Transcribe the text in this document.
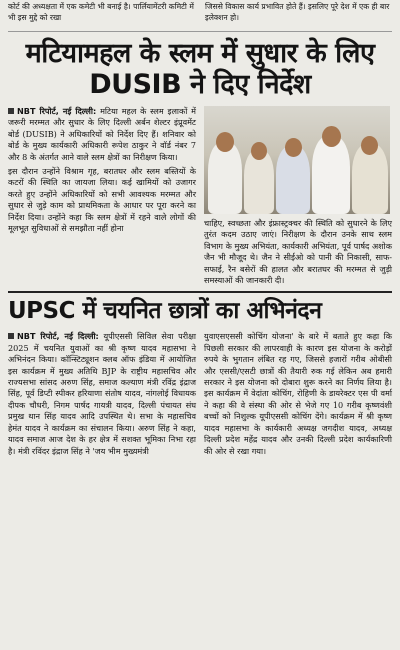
कोर्ट की अध्यक्षता में एक कमेटी भी बनाई है। पार्लियामेंटरी कमिटी में भी इस मुद्दे को रखा
जिससे विकास कार्य प्रभावित होते हैं। इसलिए पूरे देश में एक ही बार इलेक्शन हो।
मटियामहल के स्लम में सुधार के लिए DUSIB ने दिए निर्देश

NBT रिपोर्ट, नई दिल्ली: मटिया महल के स्लम इलाकों में जरूरी मरम्मत और सुधार के लिए दिल्ली अर्बन शेल्टर इंप्रूवमेंट बोर्ड (DUSIB) ने अधिकारियों को निर्देश दिए हैं। शनिवार को बोर्ड के मुख्य कार्यकारी अधिकारी रूपेश ठाकुर ने वॉर्ड नंबर 7 और 8 के अंतर्गत आने वाले स्लम क्षेत्रों का निरीक्षण किया।

इस दौरान उन्होंने विश्राम गृह, बरातघर और स्लम बस्तियों के कटरों की स्थिति का जायजा लिया। कई खामियों को उजागर करते हुए उन्होंने अधिकारियों को सभी आवश्यक मरम्मत और सुधार से जुड़े काम को प्राथमिकता के आधार पर पूरा करने का निर्देश दिया। उन्होंने कहा कि स्लम क्षेत्रों में रहने वाले लोगों की मूलभूत सुविधाओं से समझौता नहीं होना

चाहिए, स्वच्छता और इंफ्रास्ट्रक्चर की स्थिति को सुधारने के लिए तुरंत कदम उठाए जाएं। निरीक्षण के दौरान उनके साथ स्लम विभाग के मुख्य अभियंता, कार्यकारी अभियंता, पूर्व पार्षद अशोक जैन भी मौजूद थे। जैन ने सीईओ को पानी की निकासी, साफ-सफाई, रैन बसेरों की हालत और बरातघर की मरम्मत से जुड़ी समस्याओं की जानकारी दी।

UPSC में चयनित छात्रों का अभिनंदन

NBT रिपोर्ट, नई दिल्ली: यूपीएससी सिविल सेवा परीक्षा 2025 में चयनित युवाओं का श्री कृष्ण यादव महासभा ने अभिनंदन किया। कॉन्स्टिट्यूशन क्लब ऑफ इंडिया में आयोजित इस कार्यक्रम में मुख्य अतिथि BJP के राष्ट्रीय महासचिव और राज्यसभा सांसद अरुण सिंह, समाज कल्याण मंत्री रविंद्र इंद्राज सिंह, पूर्व डिप्टी स्पीकर हरियाणा संतोष यादव, नांगलोई विधायक दीपक चौधरी, निगम पार्षद गायत्री यादव, दिल्ली पंचायत संघ प्रमुख थान सिंह यादव आदि उपस्थित थे। सभा के महासचिव हेमंत यादव ने कार्यक्रम का संचालन किया। अरुण सिंह ने कहा, यादव समाज आज देश के हर क्षेत्र में सशक्त भूमिका निभा रहा है। मंत्री रविंदर इंद्राज सिंह ने 'जय भीम मुख्यमंत्री

युवाएसएससी कोचिंग योजना' के बारे में बताते हुए कहा कि पिछली सरकार की लापरवाही के कारण इस योजना के करोड़ों रुपये के भुगतान लंबित रह गए, जिससे हजारों गरीब ओबीसी और एससी/एसटी छात्रों की तैयारी रुक गई लेकिन अब हमारी सरकार ने इस योजना को दोबारा शुरू करने का निर्णय लिया है। इस कार्यक्रम में वेदांता कोचिंग, रोहिणी के डायरेक्टर एस पी वर्मा ने कहा की वे संस्था की ओर से भेजे गए 10 गरीब कृष्णवंशी बच्चों को निशुल्क यूपीएससी कोचिंग देंगे। कार्यक्रम में श्री कृष्ण यादव महासभा के कार्यकारी अध्यक्ष जगदीश यादव, अध्यक्ष दिल्ली प्रदेश महेंद्र यादव और उनकी दिल्ली प्रदेश कार्यकारिणी की ओर से रखा गया।
